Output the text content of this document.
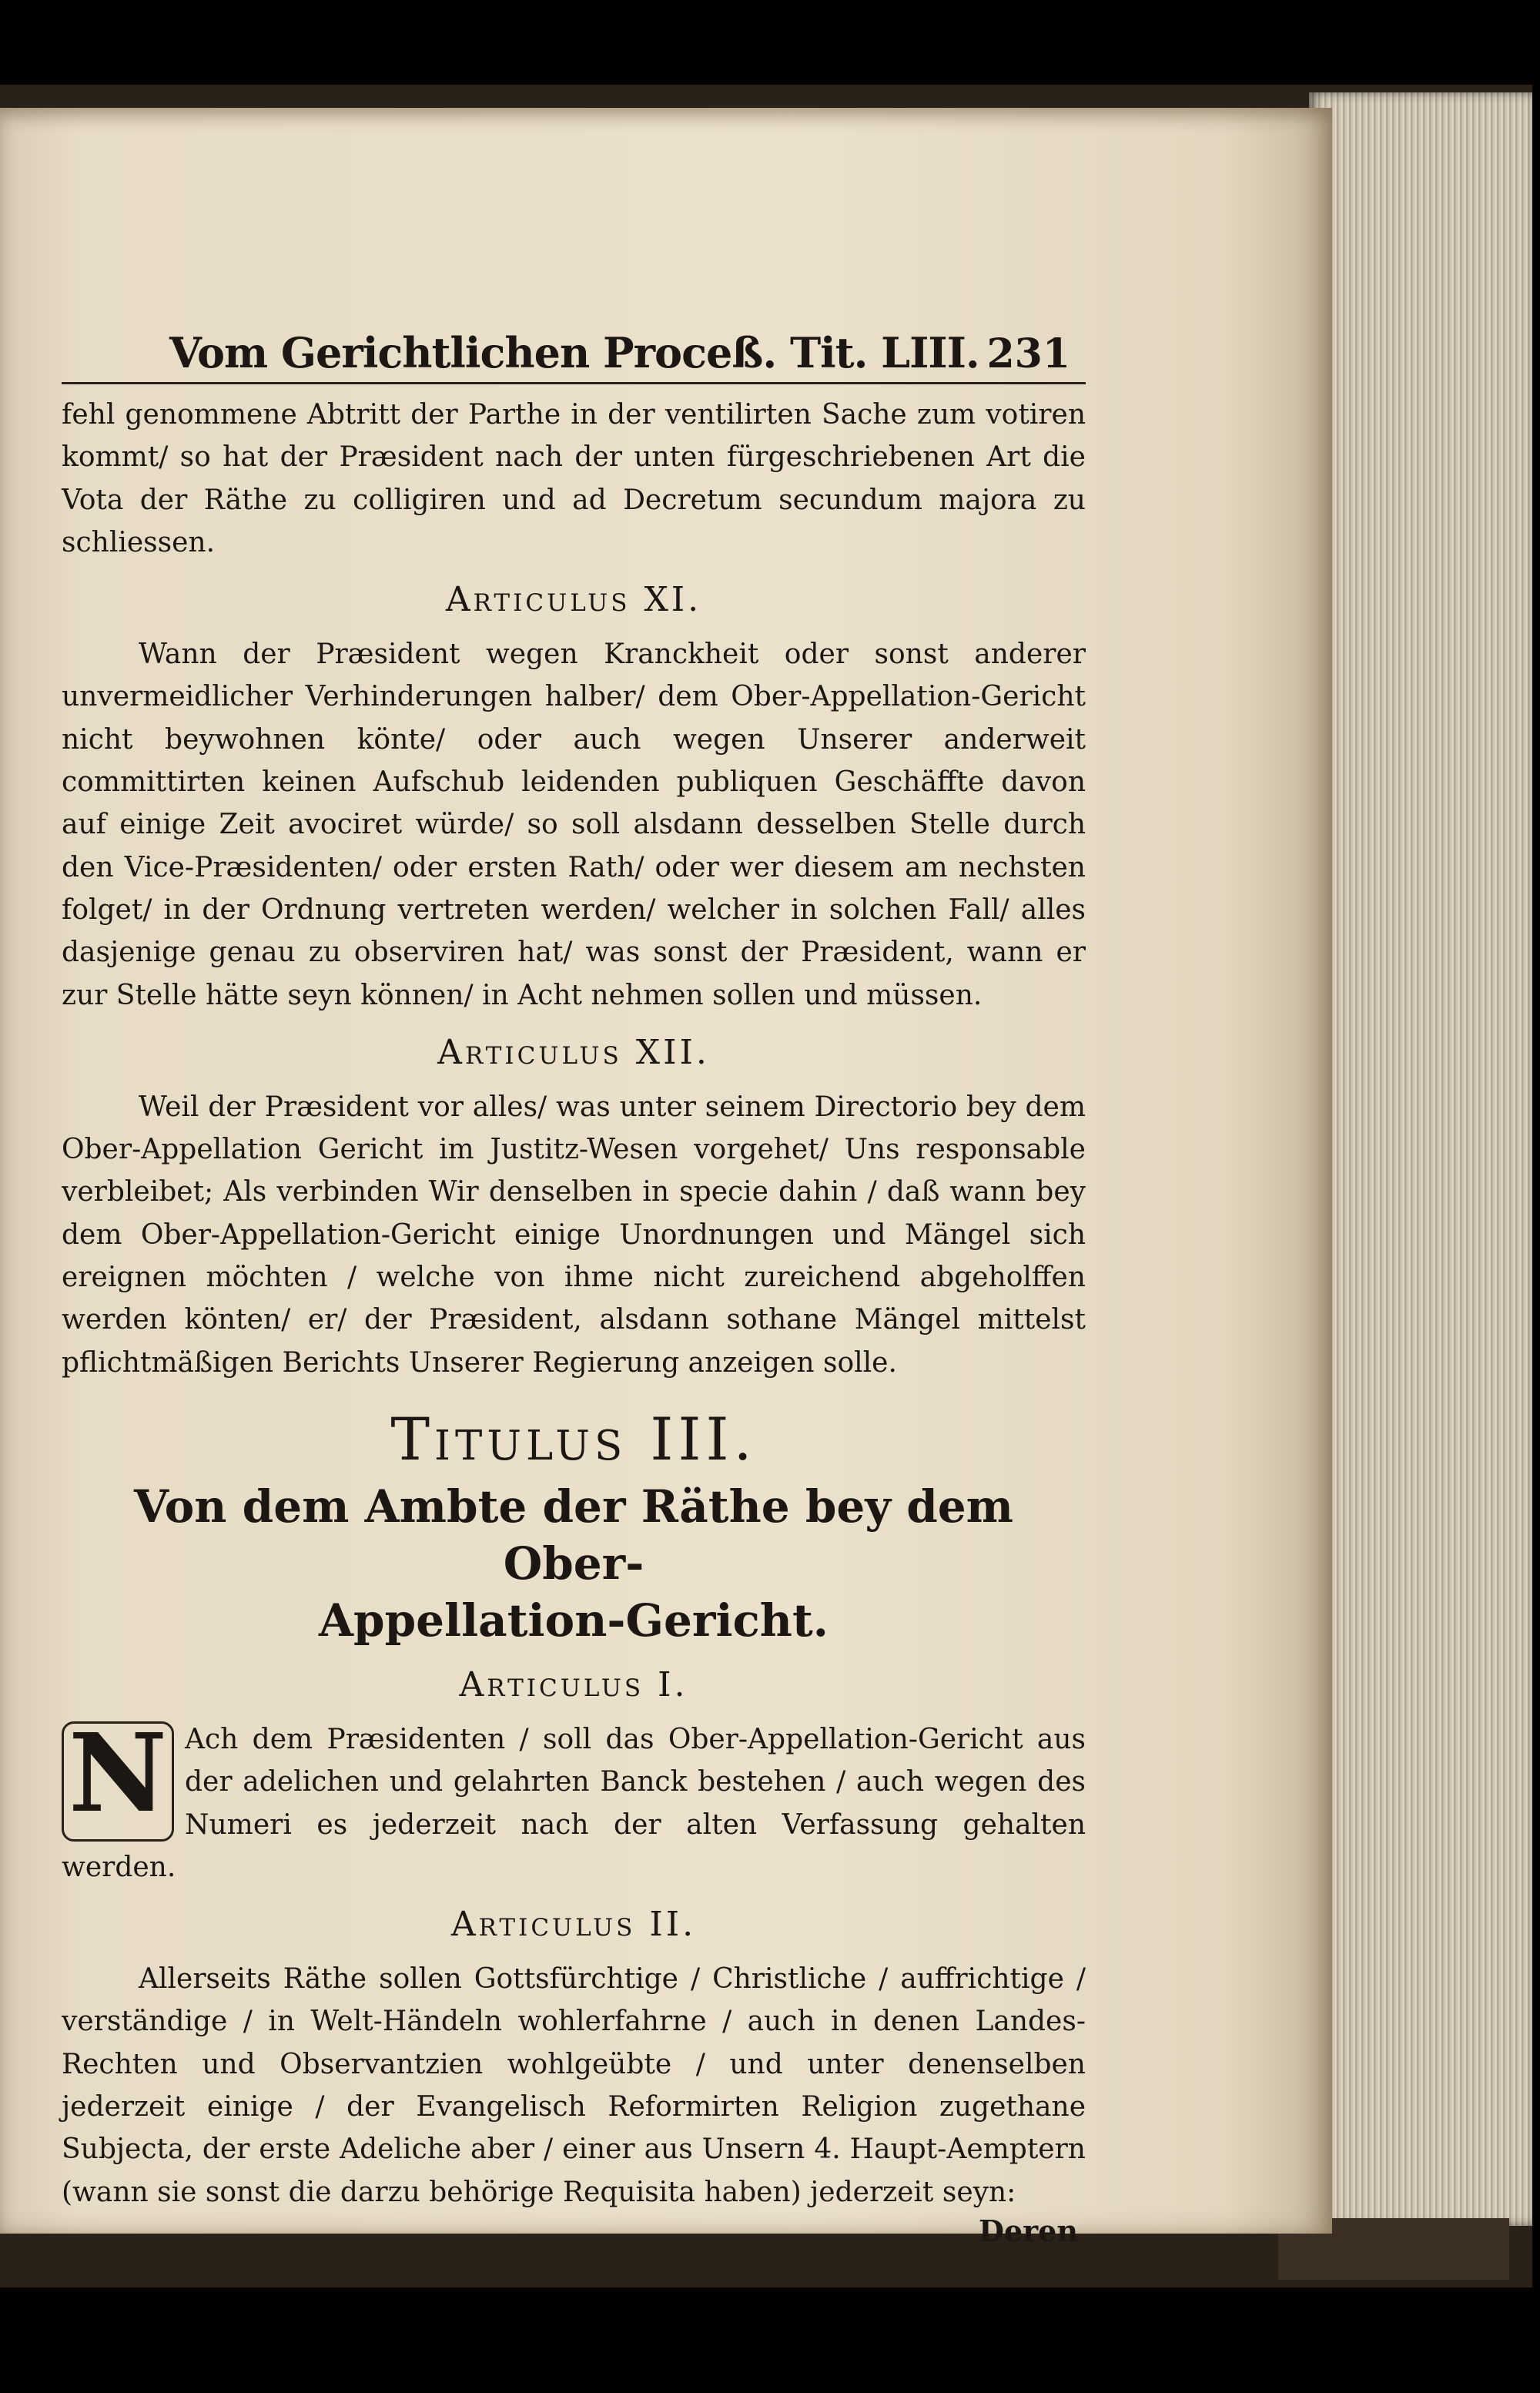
Vom Gerichtlichen Proceß. Tit. LIII. 231

fehl genommene Abtritt der Parthe in der ventilirten Sache zum votiren kommt/ so hat der Præsident nach der unten fürgeschriebenen Art die Vota der Räthe zu colligiren und ad Decretum secundum majora zu schliessen.

Articulus XI.

Wann der Præsident wegen Kranckheit oder sonst anderer unvermeidlicher Verhinderungen halber/ dem Ober-Appellation-Gericht nicht beywohnen könte/ oder auch wegen Unserer anderweit committirten keinen Aufschub leidenden publiquen Geschäffte davon auf einige Zeit avociret würde/ so soll alsdann desselben Stelle durch den Vice-Præsidenten/ oder ersten Rath/ oder wer diesem am nechsten folget/ in der Ordnung vertreten werden/ welcher in solchen Fall/ alles dasjenige genau zu observiren hat/ was sonst der Præsident, wann er zur Stelle hätte seyn können/ in Acht nehmen sollen und müssen.

Articulus XII.

Weil der Præsident vor alles/ was unter seinem Directorio bey dem Ober-Appellation Gericht im Justitz-Wesen vorgehet/ Uns responsable verbleibet; Als verbinden Wir denselben in specie dahin / daß wann bey dem Ober-Appellation-Gericht einige Unordnungen und Mängel sich ereignen möchten / welche von ihme nicht zureichend abgeholffen werden könten/ er/ der Præsident, alsdann sothane Mängel mittelst pflichtmäßigen Berichts Unserer Regierung anzeigen solle.

Titulus III.

Von dem Ambte der Räthe bey dem Ober-

Appellation-Gericht.

Articulus I.
N Ach dem Præsidenten / soll das Ober-Appellation-Gericht aus der adelichen und gelahrten Banck bestehen / auch wegen des Numeri es jederzeit nach der alten Verfassung gehalten werden.

Articulus II.

Allerseits Räthe sollen Gottsfürchtige / Christliche / auffrichtige / verständige / in Welt-Händeln wohlerfahrne / auch in denen Landes-Rechten und Observantzien wohlgeübte / und unter denenselben jederzeit einige / der Evangelisch Reformirten Religion zugethane Subjecta, der erste Adeliche aber / einer aus Unsern 4. Haupt-Aemptern (wann sie sonst die darzu behörige Requisita haben) jederzeit seyn:

Deren
